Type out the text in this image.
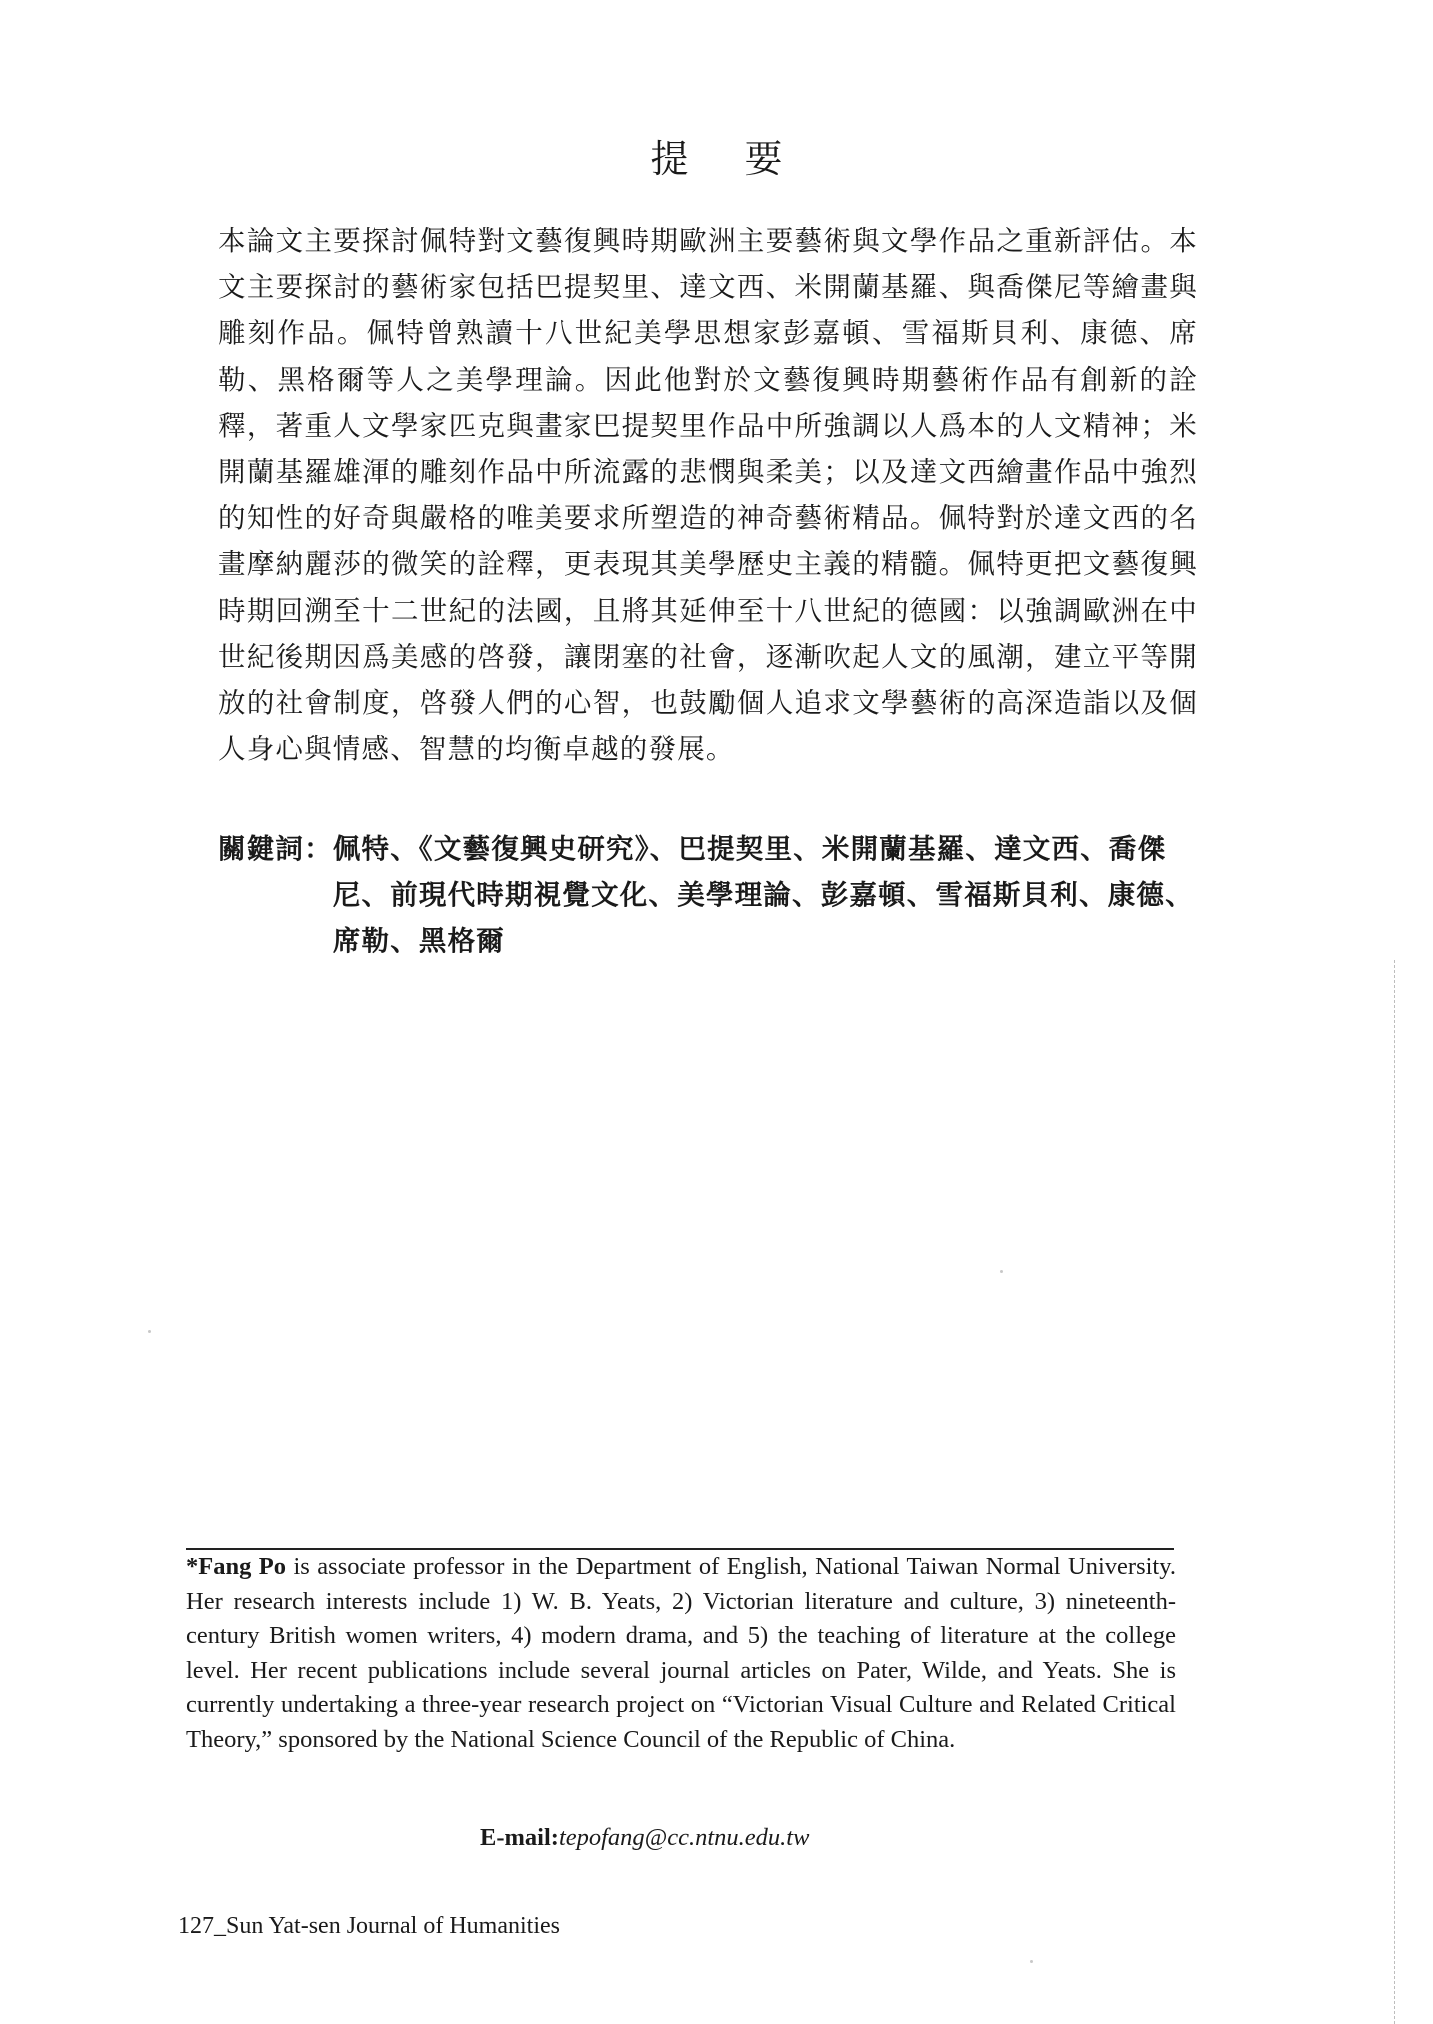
提 要

本論文主要探討佩特對文藝復興時期歐洲主要藝術與文學作品之重新評估。本文主要探討的藝術家包括巴提契里、達文西、米開蘭基羅、與喬傑尼等繪畫與雕刻作品。佩特曾熟讀十八世紀美學思想家彭嘉頓、雪福斯貝利、康德、席勒、黑格爾等人之美學理論。因此他對於文藝復興時期藝術作品有創新的詮釋，著重人文學家匹克與畫家巴提契里作品中所強調以人爲本的人文精神；米開蘭基羅雄渾的雕刻作品中所流露的悲憫與柔美；以及達文西繪畫作品中強烈的知性的好奇與嚴格的唯美要求所塑造的神奇藝術精品。佩特對於達文西的名畫摩納麗莎的微笑的詮釋，更表現其美學歷史主義的精髓。佩特更把文藝復興時期回溯至十二世紀的法國，且將其延伸至十八世紀的德國：以強調歐洲在中世紀後期因爲美感的啓發，讓閉塞的社會，逐漸吹起人文的風潮，建立平等開放的社會制度，啓發人們的心智，也鼓勵個人追求文學藝術的高深造詣以及個人身心與情感、智慧的均衡卓越的發展。

關鍵詞： 佩特、《文藝復興史研究》、巴提契里、米開蘭基羅、達文西、喬傑尼、前現代時期視覺文化、美學理論、彭嘉頓、雪福斯貝利、康德、席勒、黑格爾

*Fang Po is associate professor in the Department of English, National Taiwan Normal University. Her research interests include 1) W. B. Yeats, 2) Victorian literature and culture, 3) nineteenth-century British women writers, 4) modern drama, and 5) the teaching of literature at the college level. Her recent publications include several journal articles on Pater, Wilde, and Yeats. She is currently undertaking a three-year research project on “Victorian Visual Culture and Related Critical Theory,” sponsored by the National Science Council of the Republic of China.

E-mail:tepofang@cc.ntnu.edu.tw
127_Sun Yat-sen Journal of Humanities
